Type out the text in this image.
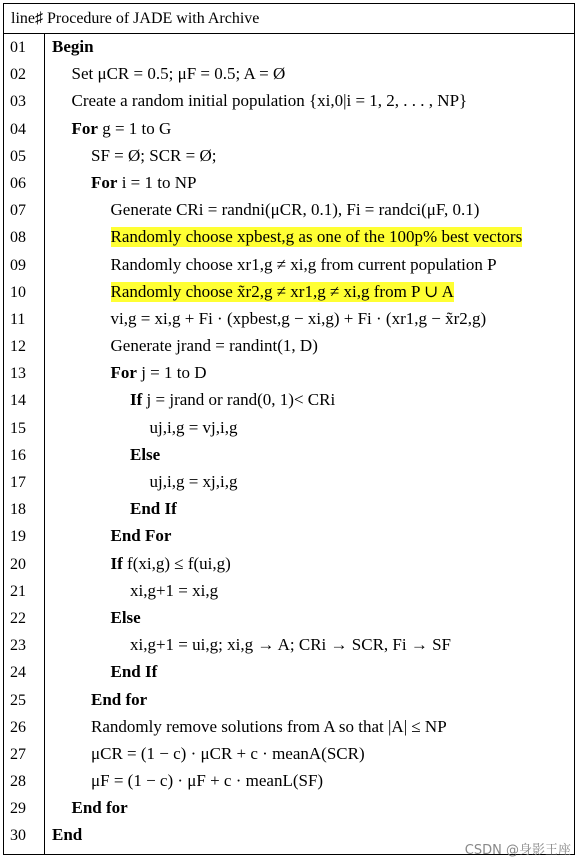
line♯ Procedure of JADE with Archive
01 Begin
02	Set μCR = 0.5; μF = 0.5; A = Ø
03	Create a random initial population {xi,0|i = 1, 2, . . . , NP}
04	For g = 1 to G
05	SF = Ø; SCR = Ø;
06	For i = 1 to NP
07	Generate CRi = randni(μCR, 0.1), Fi = randci(μF, 0.1)
08	Randomly choose xpbest,g as one of the 100p% best vectors
09	Randomly choose xr1,g ≠ xi,g from current population P
10	Randomly choose x̃r2,g ≠ xr1,g ≠ xi,g from P ∪ A
11	vi,g = xi,g + Fi · (xpbest,g − xi,g) + Fi · (xr1,g − x̃r2,g)
12	Generate jrand = randint(1, D)
13	For j = 1 to D
14	If j = jrand or rand(0, 1)< CRi
15	uj,i,g = vj,i,g
16	Else
17	uj,i,g = xj,i,g
18	End If
19	End For
20	If f(xi,g) ≤ f(ui,g)
21	xi,g+1 = xi,g
22	Else
23	xi,g+1 = ui,g; xi,g → A; CRi → SCR, Fi → SF
24	End If
25	End for
26	Randomly remove solutions from A so that |A| ≤ NP
27	μCR = (1 − c) · μCR + c · meanA(SCR)
28	μF = (1 − c) · μF + c · meanL(SF)
29	End for
30 End
CSDN @身影王座
